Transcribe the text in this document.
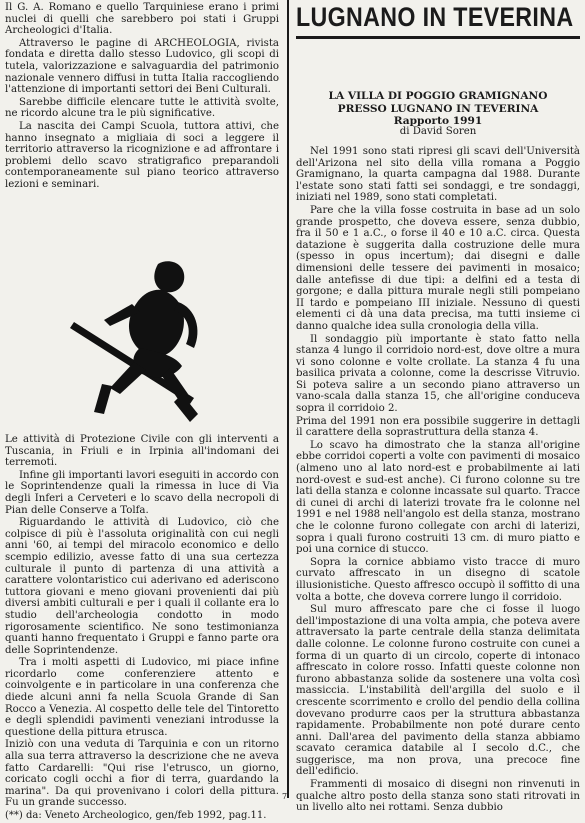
Il G. A. Romano e quello Tarquiniese erano i primi nuclei di quelli che sarebbero poi stati i Gruppi Archeologici d'Italia.

Attraverso le pagine di ARCHEOLOGIA, rivista fondata e diretta dallo stesso Ludovico, gli scopi di tutela, valorizzazione e salvaguardia del patrimonio nazionale vennero diffusi in tutta Italia raccogliendo l'attenzione di importanti settori dei Beni Culturali.

Sarebbe difficile elencare tutte le attività svolte, ne ricordo alcune tra le più significative.

La nascita dei Campi Scuola, tuttora attivi, che hanno insegnato a migliaia di soci a leggere il territorio attraverso la ricognizione e ad affrontare i problemi dello scavo stratigrafico preparandoli contemporaneamente sul piano teorico attraverso lezioni e seminari.

Le attività di Protezione Civile con gli interventi a Tuscania, in Friuli e in Irpinia all'indomani dei terremoti.

Infine gli importanti lavori eseguiti in accordo con le Soprintendenze quali la rimessa in luce di Via degli Inferi a Cerveteri e lo scavo della necropoli di Pian delle Conserve a Tolfa.

Riguardando le attività di Ludovico, ciò che colpisce di più è l'assoluta originalità con cui negli anni '60, ai tempi del miracolo economico e dello scempio edilizio, avesse fatto di una sua certezza culturale il punto di partenza di una attività a carattere volontaristico cui aderivano ed aderiscono tuttora giovani e meno giovani provenienti dai più diversi ambiti culturali e per i quali il collante era lo studio dell'archeologia condotto in modo rigorosamente scientifico. Ne sono testimonianza quanti hanno frequentato i Gruppi e fanno parte ora delle Soprintendenze.

Tra i molti aspetti di Ludovico, mi piace infine ricordarlo come conferenziere attento e coinvolgente e in particolare in una conferenza che diede alcuni anni fa nella Scuola Grande di San Rocco a Venezia. Al cospetto delle tele del Tintoretto e degli splendidi pavimenti veneziani introdusse la questione della pittura etrusca.

Iniziò con una veduta di Tarquinia e con un ritorno alla sua terra attraverso la descrizione che ne aveva fatto Cardarelli: "Qui rise l'etrusco, un giorno, coricato cogli occhi a fior di terra, guardando la marina". Da qui provenivano i colori della pittura. Fu un grande successo.

(**) da: Veneto Archeologico, gen/feb 1992, pag.11.

LUGNANO IN TEVERINA
LA VILLA DI POGGIO GRAMIGNANO
PRESSO LUGNANO IN TEVERINA
Rapporto 1991
di David Soren

Nel 1991 sono stati ripresi gli scavi dell'Università dell'Arizona nel sito della villa romana a Poggio Gramignano, la quarta campagna dal 1988. Durante l'estate sono stati fatti sei sondaggi, e tre sondaggi, iniziati nel 1989, sono stati completati.

Pare che la villa fosse costruita in base ad un solo grande prospetto, che doveva essere, senza dubbio, fra il 50 e 1 a.C., o forse il 40 e 10 a.C. circa. Questa datazione è suggerita dalla costruzione delle mura (spesso in opus incertum); dai disegni e dalle dimensioni delle tessere dei pavimenti in mosaico; dalle antefisse di due tipi: a delfini ed a testa di gorgone; e dalla pittura murale negli stili pompeiano II tardo e pompeiano III iniziale. Nessuno di questi elementi ci dà una data precisa, ma tutti insieme ci danno qualche idea sulla cronologia della villa.

Il sondaggio più importante è stato fatto nella stanza 4 lungo il corridoio nord-est, dove oltre a mura vi sono colonne e volte crollate. La stanza 4 fu una basilica privata a colonne, come la descrisse Vitruvio. Si poteva salire a un secondo piano attraverso un vano-scala dalla stanza 15, che all'origine conduceva sopra il corridoio 2.

Prima del 1991 non era possibile suggerire in dettagli il carattere della soprastruttura della stanza 4.

Lo scavo ha dimostrato che la stanza all'origine ebbe corridoi coperti a volte con pavimenti di mosaico (almeno uno al lato nord-est e probabilmente ai lati nord-ovest e sud-est anche). Ci furono colonne su tre lati della stanza e colonne incassate sul quarto. Tracce di cunei di archi di laterizi trovate fra le colonne nel 1991 e nel 1988 nell'angolo est della stanza, mostrano che le colonne furono collegate con archi di laterizi, sopra i quali furono costruiti 13 cm. di muro piatto e poi una cornice di stucco.

Sopra la cornice abbiamo visto tracce di muro curvato affrescato in un disegno di scatole illusionistiche. Questo affresco occupò il soffitto di una volta a botte, che doveva correre lungo il corridoio.

Sul muro affrescato pare che ci fosse il luogo dell'impostazione di una volta ampia, che poteva avere attraversato la parte centrale della stanza delimitata dalle colonne. Le colonne furono costruite con cunei a forma di un quarto di un circolo, coperte di intonaco affrescato in colore rosso. Infatti queste colonne non furono abbastanza solide da sostenere una volta così massiccia. L'instabilità dell'argilla del suolo e il crescente scorrimento e crollo del pendio della collina dovevano produrre caos per la struttura abbastanza rapidamente. Probabilmente non poté durare cento anni. Dall'area del pavimento della stanza abbiamo scavato ceramica databile al I secolo d.C., che suggerisce, ma non prova, una precoce fine dell'edificio.

Frammenti di mosaico di disegni non rinvenuti in qualche altro posto della stanza sono stati ritrovati in un livello alto nei rottami. Senza dubbio

7
